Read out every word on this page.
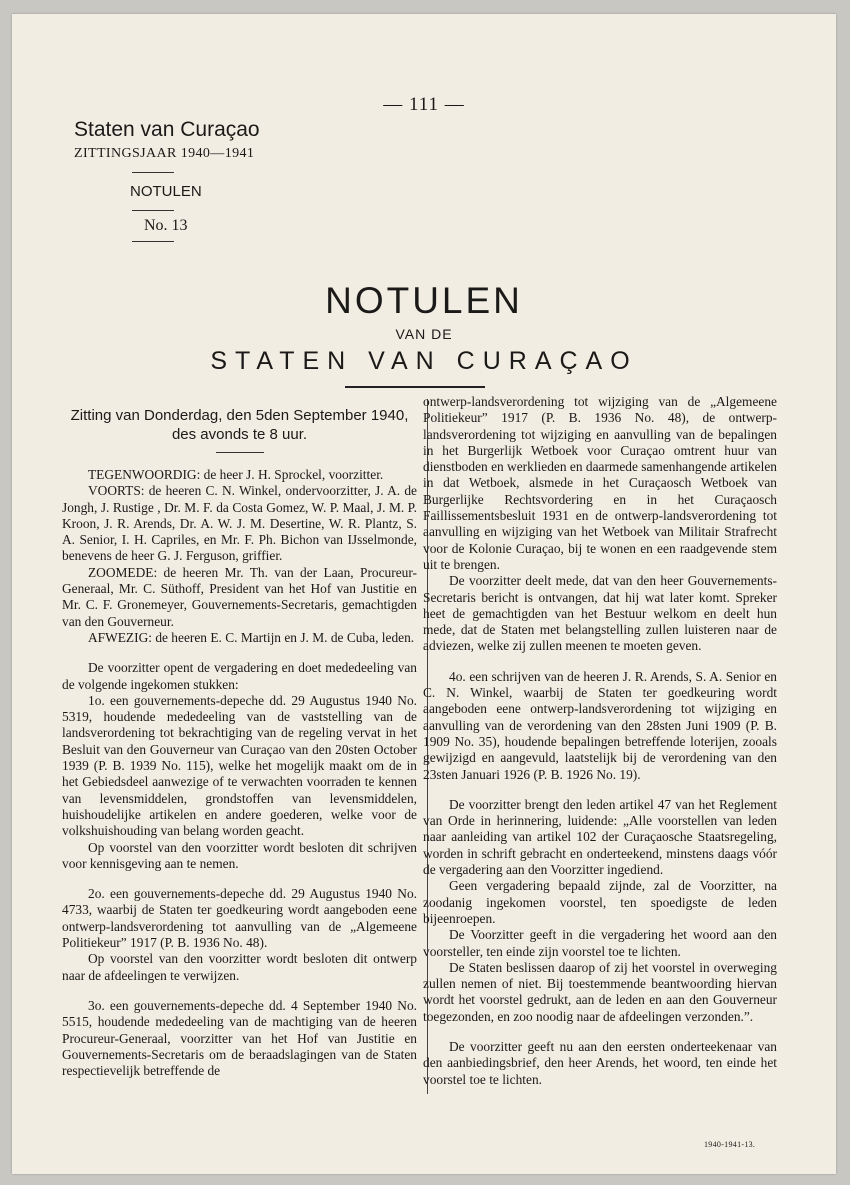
— 111 —
Staten van Curaçao
ZITTINGSJAAR 1940—1941
NOTULEN
No. 13
NOTULEN
VAN DE
STATEN VAN CURAÇAO

Zitting van Donderdag, den 5den September 1940,
des avonds te 8 uur.

TEGENWOORDIG: de heer J. H. Sprockel, voorzitter.

VOORTS: de heeren C. N. Winkel, ondervoorzitter, J. A. de Jongh, J. Rustige , Dr. M. F. da Costa Gomez, W. P. Maal, J. M. P. Kroon, J. R. Arends, Dr. A. W. J. M. Desertine, W. R. Plantz, S. A. Senior, I. H. Capriles, en Mr. F. Ph. Bichon van IJsselmonde, benevens de heer G. J. Ferguson, griffier.

ZOOMEDE: de heeren Mr. Th. van der Laan, Procureur-Generaal, Mr. C. Süthoff, President van het Hof van Justitie en Mr. C. F. Gronemeyer, Gouvernements-Secretaris, gemachtigden van den Gouverneur.

AFWEZIG: de heeren E. C. Martijn en J. M. de Cuba, leden.

De voorzitter opent de vergadering en doet mededeeling van de volgende ingekomen stukken:

1o. een gouvernements-depeche dd. 29 Augustus 1940 No. 5319, houdende mededeeling van de vaststelling van de landsverordening tot bekrachtiging van de regeling vervat in het Besluit van den Gouverneur van Curaçao van den 20sten October 1939 (P. B. 1939 No. 115), welke het mogelijk maakt om de in het Gebiedsdeel aanwezige of te verwachten voorraden te kennen van levensmiddelen, grondstoffen van levensmiddelen, huishoudelijke artikelen en andere goederen, welke voor de volkshuishouding van belang worden geacht.

Op voorstel van den voorzitter wordt besloten dit schrijven voor kennisgeving aan te nemen.

2o. een gouvernements-depeche dd. 29 Augustus 1940 No. 4733, waarbij de Staten ter goedkeuring wordt aangeboden eene ontwerp-landsverordening tot aanvulling van de „Algemeene Politiekeur” 1917 (P. B. 1936 No. 48).

Op voorstel van den voorzitter wordt besloten dit ontwerp naar de afdeelingen te verwijzen.

3o. een gouvernements-depeche dd. 4 September 1940 No. 5515, houdende mededeeling van de machtiging van de heeren Procureur-Generaal, voorzitter van het Hof van Justitie en Gouvernements-Secretaris om de beraadslagingen van de Staten respectievelijk betreffende de

ontwerp-landsverordening tot wijziging van de „Algemeene Politiekeur” 1917 (P. B. 1936 No. 48), de ontwerp-landsverordening tot wijziging en aanvulling van de bepalingen in het Burgerlijk Wetboek voor Curaçao omtrent huur van dienstboden en werklieden en daarmede samenhangende artikelen in dat Wetboek, alsmede in het Curaçaosch Wetboek van Burgerlijke Rechtsvordering en in het Curaçaosch Faillissementsbesluit 1931 en de ontwerp-landsverordening tot aanvulling en wijziging van het Wetboek van Militair Strafrecht voor de Kolonie Curaçao, bij te wonen en een raadgevende stem uit te brengen.

De voorzitter deelt mede, dat van den heer Gouvernements-Secretaris bericht is ontvangen, dat hij wat later komt. Spreker heet de gemachtigden van het Bestuur welkom en deelt hun mede, dat de Staten met belangstelling zullen luisteren naar de adviezen, welke zij zullen meenen te moeten geven.

4o. een schrijven van de heeren J. R. Arends, S. A. Senior en C. N. Winkel, waarbij de Staten ter goedkeuring wordt aangeboden eene ontwerp-landsverordening tot wijziging en aanvulling van de verordening van den 28sten Juni 1909 (P. B. 1909 No. 35), houdende bepalingen betreffende loterijen, zooals gewijzigd en aangevuld, laatstelijk bij de verordening van den 23sten Januari 1926 (P. B. 1926 No. 19).

De voorzitter brengt den leden artikel 47 van het Reglement van Orde in herinnering, luidende: „Alle voorstellen van leden naar aanleiding van artikel 102 der Curaçaosche Staatsregeling, worden in schrift gebracht en onderteekend, minstens daags vóór de vergadering aan den Voorzitter ingediend.

Geen vergadering bepaald zijnde, zal de Voorzitter, na zoodanig ingekomen voorstel, ten spoedigste de leden bijeenroepen.

De Voorzitter geeft in die vergadering het woord aan den voorsteller, ten einde zijn voorstel toe te lichten.

De Staten beslissen daarop of zij het voorstel in overweging zullen nemen of niet. Bij toestemmende beantwoording hiervan wordt het voorstel gedrukt, aan de leden en aan den Gouverneur toegezonden, en zoo noodig naar de afdeelingen verzonden.”.

De voorzitter geeft nu aan den eersten onderteekenaar van den aanbiedingsbrief, den heer Arends, het woord, ten einde het voorstel toe te lichten.

1940-1941-13.
